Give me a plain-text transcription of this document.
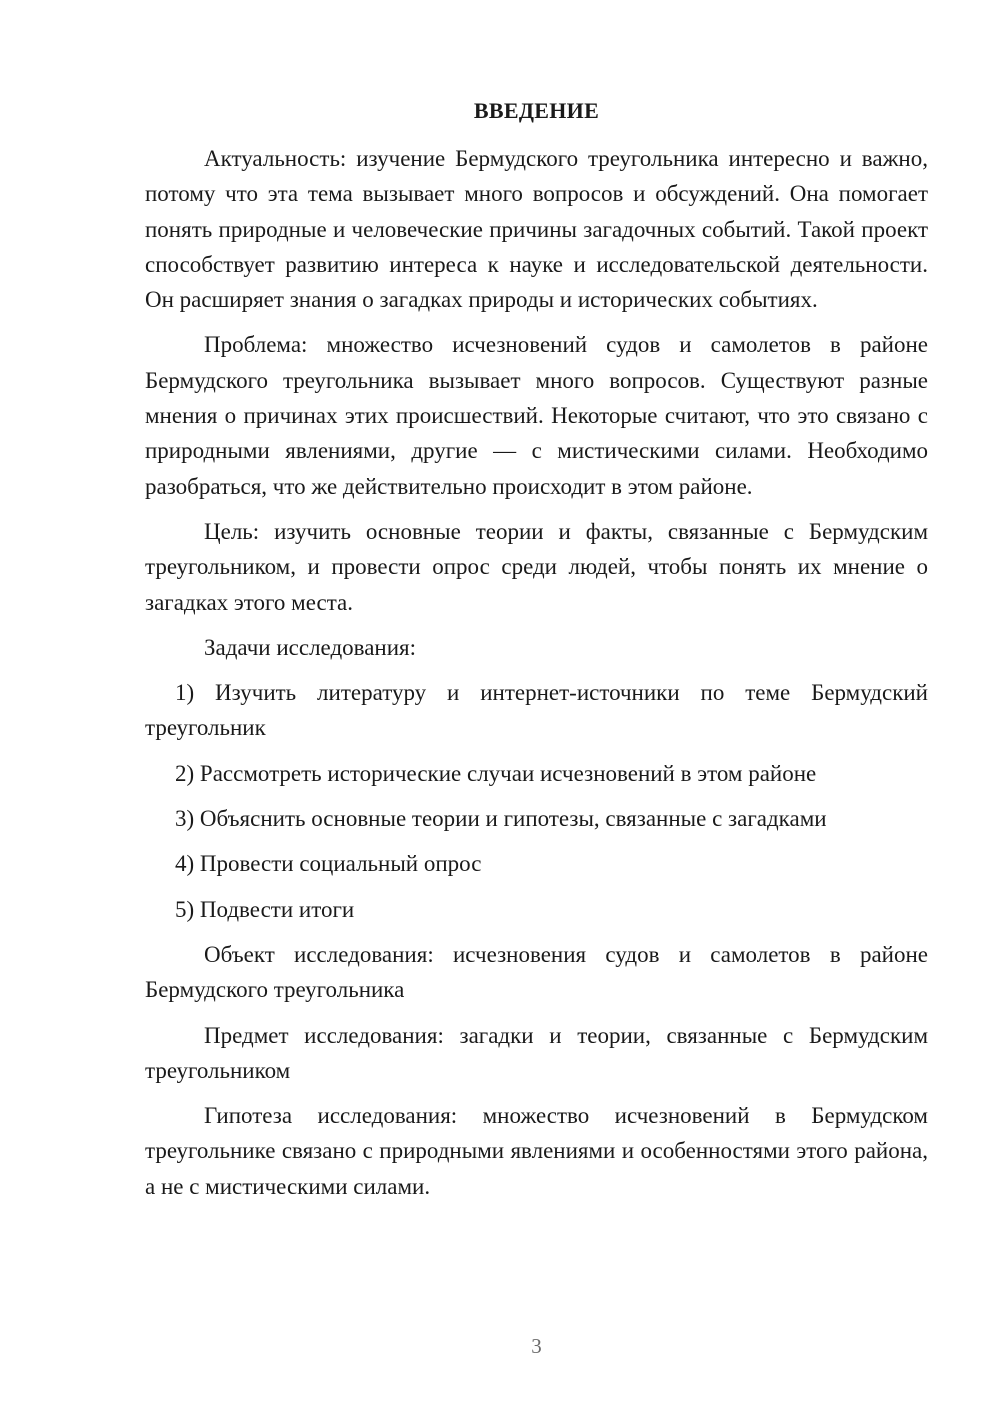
ВВЕДЕНИЕ

Актуальность: изучение Бермудского треугольника интересно и важно, потому что эта тема вызывает много вопросов и обсуждений. Она помогает понять природные и человеческие причины загадочных событий. Такой проект способствует развитию интереса к науке и исследовательской деятельности. Он расширяет знания о загадках природы и исторических событиях.

Проблема: множество исчезновений судов и самолетов в районе Бермудского треугольника вызывает много вопросов. Существуют разные мнения о причинах этих происшествий. Некоторые считают, что это связано с природными явлениями, другие — с мистическими силами. Необходимо разобраться, что же действительно происходит в этом районе.

Цель: изучить основные теории и факты, связанные с Бермудским треугольником, и провести опрос среди людей, чтобы понять их мнение о загадках этого места.

Задачи исследования:

1) Изучить литературу и интернет-источники по теме Бермудский треугольник

2) Рассмотреть исторические случаи исчезновений в этом районе

3) Объяснить основные теории и гипотезы, связанные с загадками

4) Провести социальный опрос

5) Подвести итоги

Объект исследования: исчезновения судов и самолетов в районе Бермудского треугольника

Предмет исследования: загадки и теории, связанные с Бермудским треугольником

Гипотеза исследования: множество исчезновений в Бермудском треугольнике связано с природными явлениями и особенностями этого района, а не с мистическими силами.

3
